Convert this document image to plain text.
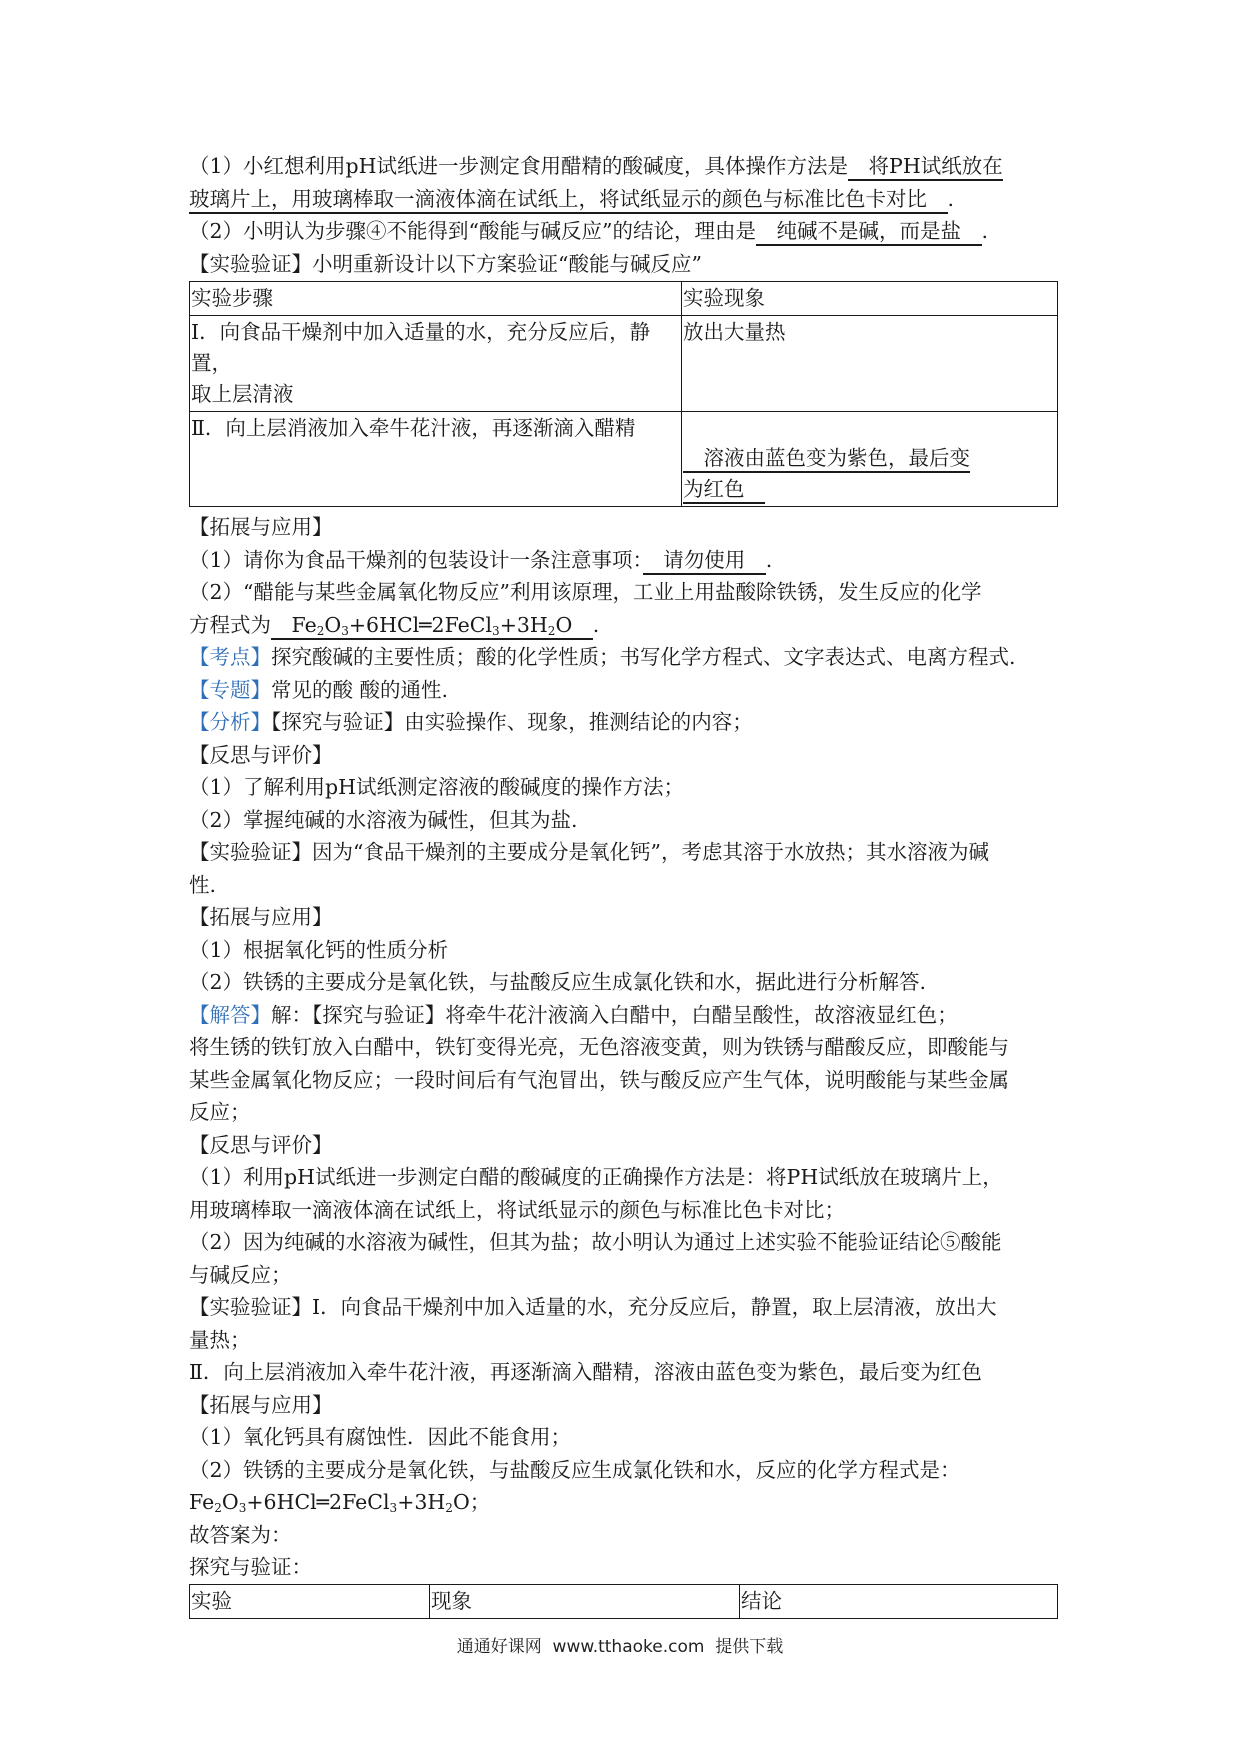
（1）小红想利用pH试纸进一步测定食用醋精的酸碱度，具体操作方法是　将PH试纸放在
玻璃片上，用玻璃棒取一滴液体滴在试纸上，将试纸显示的颜色与标准比色卡对比　.
（2）小明认为步骤④不能得到“酸能与碱反应”的结论，理由是　纯碱不是碱，而是盐　.
【实验验证】小明重新设计以下方案验证“酸能与碱反应”
实验步骤	实验现象

Ⅰ．向食品干燥剂中加入适量的水，充分反应后，静置，
取上层清液	放出大量热
Ⅱ．向上层消液加入牵牛花汁液，再逐渐滴入醋精	　溶液由蓝色变为紫色，最后变
为红色　
【拓展与应用】
（1）请你为食品干燥剂的包装设计一条注意事项：　请勿使用　.
（2）“醋能与某些金属氧化物反应”利用该原理，工业上用盐酸除铁锈，发生反应的化学
方程式为　$Fe_2O_3+6HCl═2FeCl_3+3H_2O$　.
【考点】探究酸碱的主要性质；酸的化学性质；书写化学方程式、文字表达式、电离方程式.
【专题】常见的酸 酸的通性.
【分析】【探究与验证】由实验操作、现象，推测结论的内容；
【反思与评价】
（1）了解利用pH试纸测定溶液的酸碱度的操作方法；
（2）掌握纯碱的水溶液为碱性，但其为盐.
【实验验证】因为“食品干燥剂的主要成分是氧化钙”，考虑其溶于水放热；其水溶液为碱
性.
【拓展与应用】
（1）根据氧化钙的性质分析
（2）铁锈的主要成分是氧化铁，与盐酸反应生成氯化铁和水，据此进行分析解答.
【解答】解：【探究与验证】将牵牛花汁液滴入白醋中，白醋呈酸性，故溶液显红色；
将生锈的铁钉放入白醋中，铁钉变得光亮，无色溶液变黄，则为铁锈与醋酸反应，即酸能与
某些金属氧化物反应；一段时间后有气泡冒出，铁与酸反应产生气体，说明酸能与某些金属
反应；
【反思与评价】
（1）利用pH试纸进一步测定白醋的酸碱度的正确操作方法是：将PH试纸放在玻璃片上，
用玻璃棒取一滴液体滴在试纸上，将试纸显示的颜色与标准比色卡对比；
（2）因为纯碱的水溶液为碱性，但其为盐；故小明认为通过上述实验不能验证结论⑤酸能
与碱反应；
【实验验证】Ⅰ．向食品干燥剂中加入适量的水，充分反应后，静置，取上层清液，放出大
量热；
Ⅱ．向上层消液加入牵牛花汁液，再逐渐滴入醋精，溶液由蓝色变为紫色，最后变为红色
【拓展与应用】
（1）氧化钙具有腐蚀性．因此不能食用；
（2）铁锈的主要成分是氧化铁，与盐酸反应生成氯化铁和水，反应的化学方程式是：
$Fe_2O_3+6HCl═2FeCl_3+3H_2O$；
故答案为：
探究与验证：
实验	现象	结论
通通好课网  www.tthaoke.com  提供下载
